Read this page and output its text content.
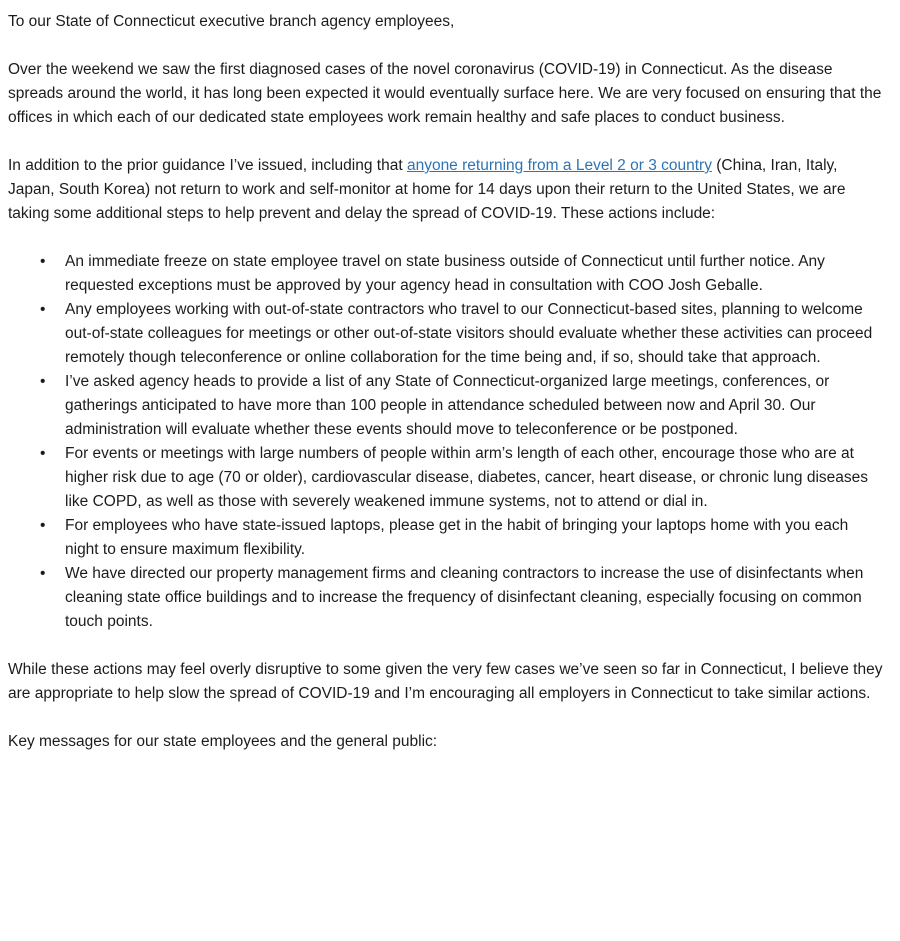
To our State of Connecticut executive branch agency employees,

Over the weekend we saw the first diagnosed cases of the novel coronavirus (COVID-19) in Connecticut. As the disease spreads around the world, it has long been expected it would eventually surface here. We are very focused on ensuring that the offices in which each of our dedicated state employees work remain healthy and safe places to conduct business.

In addition to the prior guidance I’ve issued, including that anyone returning from a Level 2 or 3 country (China, Iran, Italy, Japan, South Korea) not return to work and self-monitor at home for 14 days upon their return to the United States, we are taking some additional steps to help prevent and delay the spread of COVID-19. These actions include:

• An immediate freeze on state employee travel on state business outside of Connecticut until further notice. Any requested exceptions must be approved by your agency head in consultation with COO Josh Geballe.
• Any employees working with out-of-state contractors who travel to our Connecticut-based sites, planning to welcome out-of-state colleagues for meetings or other out-of-state visitors should evaluate whether these activities can proceed remotely though teleconference or online collaboration for the time being and, if so, should take that approach.
• I’ve asked agency heads to provide a list of any State of Connecticut-organized large meetings, conferences, or gatherings anticipated to have more than 100 people in attendance scheduled between now and April 30. Our administration will evaluate whether these events should move to teleconference or be postponed.
• For events or meetings with large numbers of people within arm’s length of each other, encourage those who are at higher risk due to age (70 or older), cardiovascular disease, diabetes, cancer, heart disease, or chronic lung diseases like COPD, as well as those with severely weakened immune systems, not to attend or dial in.
• For employees who have state-issued laptops, please get in the habit of bringing your laptops home with you each night to ensure maximum flexibility.
• We have directed our property management firms and cleaning contractors to increase the use of disinfectants when cleaning state office buildings and to increase the frequency of disinfectant cleaning, especially focusing on common touch points.

While these actions may feel overly disruptive to some given the very few cases we’ve seen so far in Connecticut, I believe they are appropriate to help slow the spread of COVID-19 and I’m encouraging all employers in Connecticut to take similar actions.

Key messages for our state employees and the general public:
